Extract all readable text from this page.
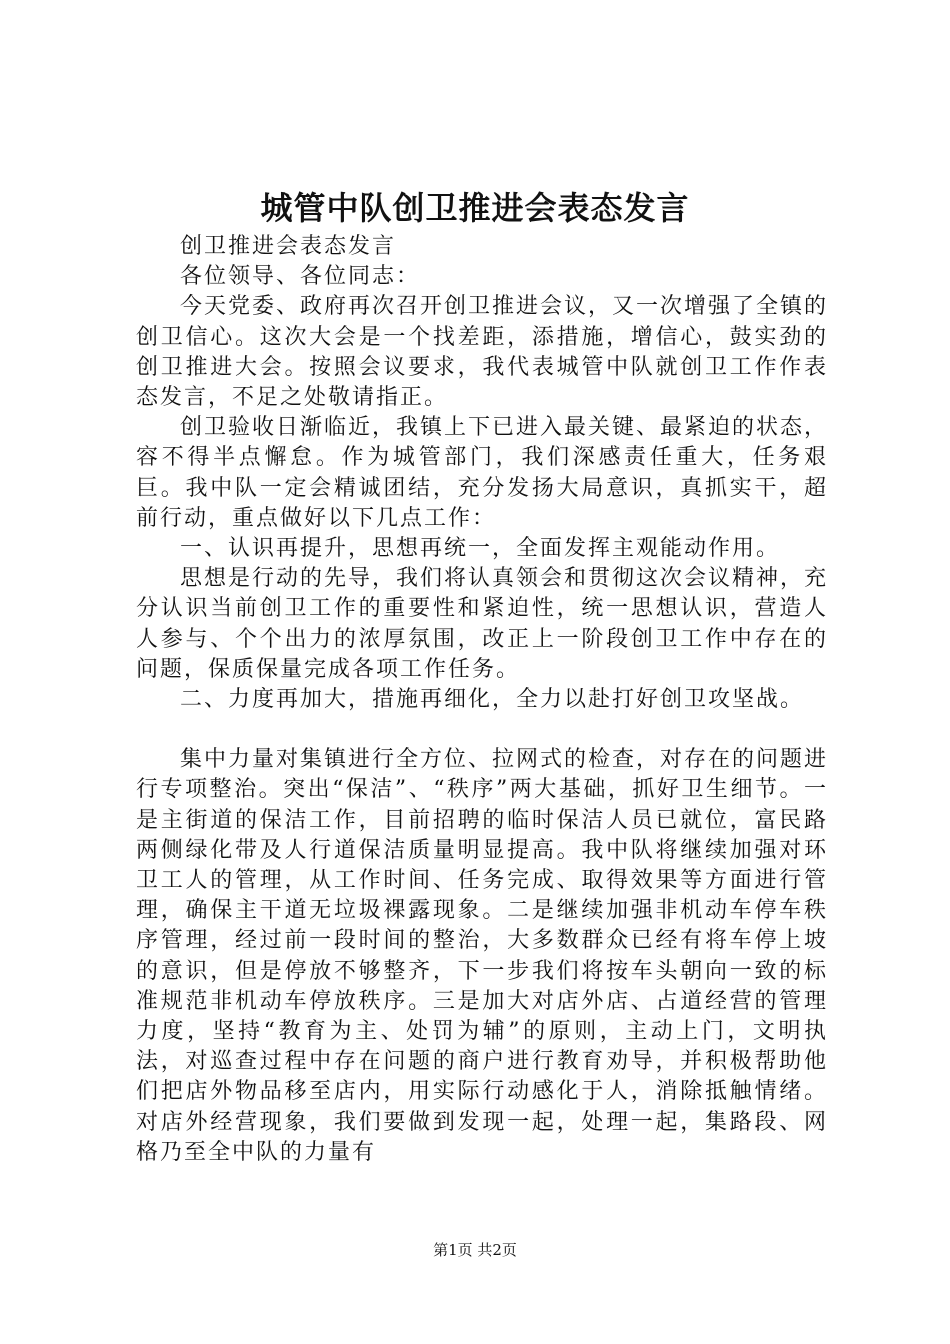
城管中队创卫推进会表态发言

创卫推进会表态发言

各位领导、各位同志：

今天党委、政府再次召开创卫推进会议，又一次增强了全镇的创卫信心。这次大会是一个找差距，添措施，增信心，鼓实劲的创卫推进大会。按照会议要求，我代表城管中队就创卫工作作表态发言，不足之处敬请指正。

创卫验收日渐临近，我镇上下已进入最关键、最紧迫的状态，容不得半点懈怠。作为城管部门，我们深感责任重大，任务艰巨。我中队一定会精诚团结，充分发扬大局意识，真抓实干，超前行动，重点做好以下几点工作：

一、认识再提升，思想再统一，全面发挥主观能动作用。

思想是行动的先导，我们将认真领会和贯彻这次会议精神，充分认识当前创卫工作的重要性和紧迫性，统一思想认识，营造人人参与、个个出力的浓厚氛围，改正上一阶段创卫工作中存在的问题，保质保量完成各项工作任务。

二、力度再加大，措施再细化，全力以赴打好创卫攻坚战。

集中力量对集镇进行全方位、拉网式的检查，对存在的问题进行专项整治。突出“保洁”、“秩序”两大基础，抓好卫生细节。一是主街道的保洁工作，目前招聘的临时保洁人员已就位，富民路两侧绿化带及人行道保洁质量明显提高。我中队将继续加强对环卫工人的管理，从工作时间、任务完成、取得效果等方面进行管理，确保主干道无垃圾裸露现象。二是继续加强非机动车停车秩序管理，经过前一段时间的整治，大多数群众已经有将车停上坡的意识，但是停放不够整齐，下一步我们将按车头朝向一致的标准规范非机动车停放秩序。三是加大对店外店、占道经营的管理力度，坚持“教育为主、处罚为辅”的原则，主动上门，文明执法，对巡查过程中存在问题的商户进行教育劝导，并积极帮助他们把店外物品移至店内，用实际行动感化于人，消除抵触情绪。对店外经营现象，我们要做到发现一起，处理一起，集路段、网格乃至全中队的力量有

第1页 共2页
